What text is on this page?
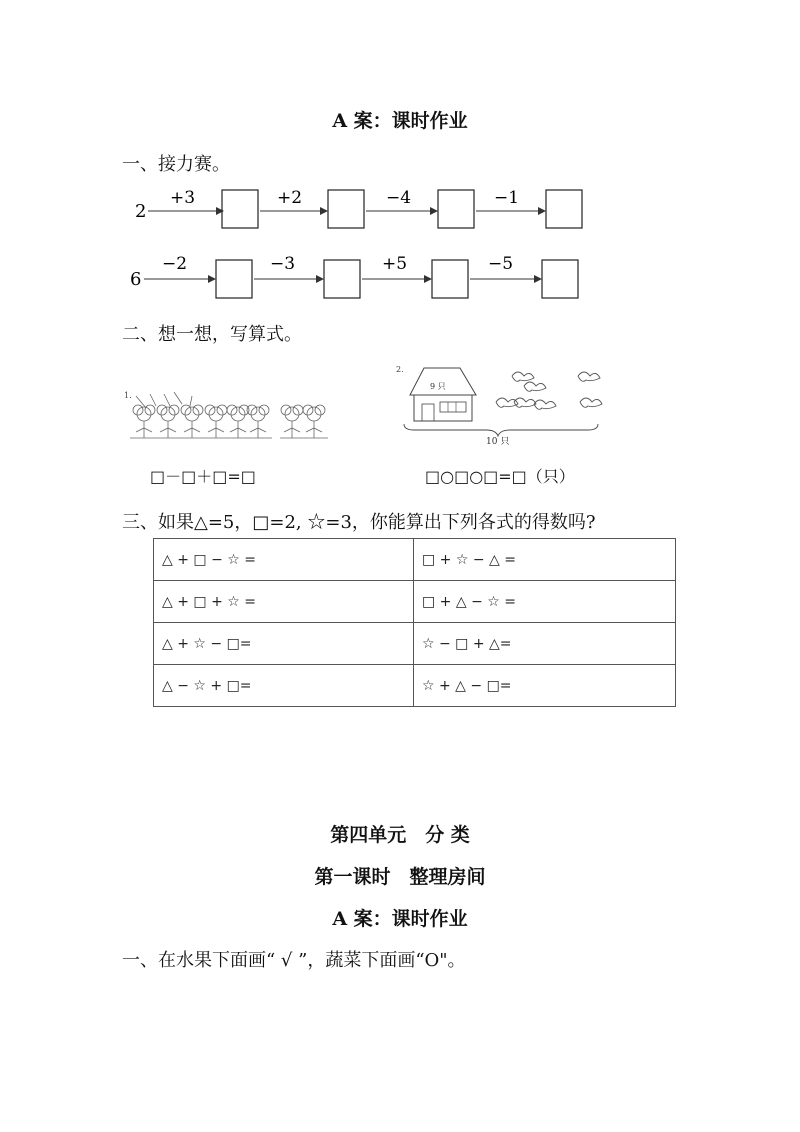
A 案：课时作业
一、接力赛。
2
+3	+2	−4	−1
6
−2	−3	+5	−5
二、想一想，写算式。
1.
2.
9 只
10 只
□－□＋□=□	□○□○□=□（只）
三、如果△=5，□=2, ☆=3，你能算出下列各式的得数吗?
△ + □ − ☆ =	□ + ☆ − △ =
△ + □ + ☆ =	□ + △ − ☆ =
△ + ☆ − □=	☆ − □ + △=
△ − ☆ + □=	☆ + △ − □=
第四单元　分 类
第一课时　整理房间
A 案：课时作业
一、在水果下面画“ √ ”，蔬菜下面画“O"。
